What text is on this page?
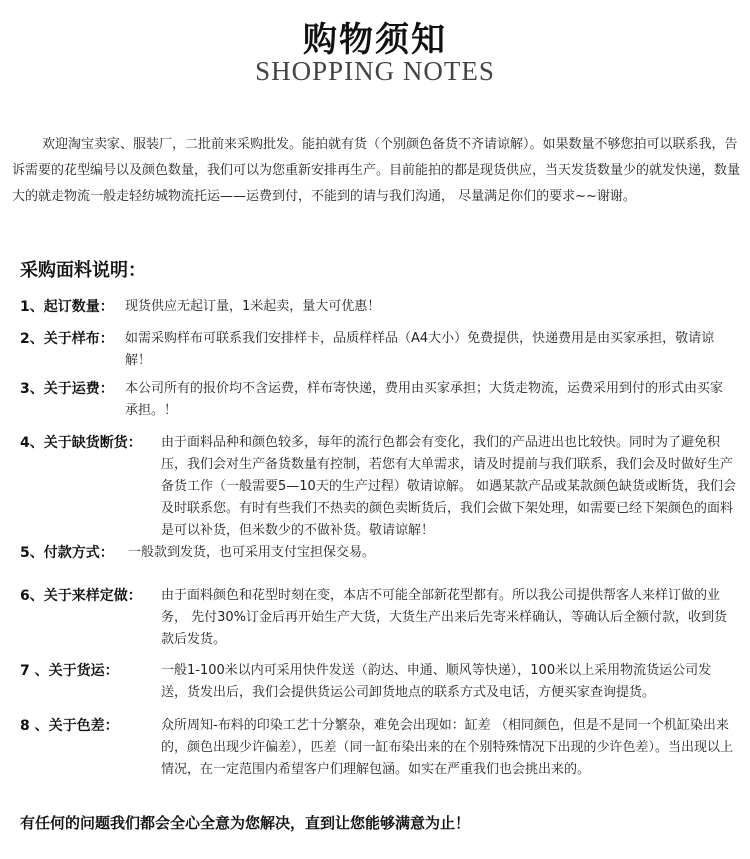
购物须知
SHOPPING NOTES
欢迎淘宝卖家、服装厂，二批前来采购批发。能拍就有货（个别颜色备货不齐请谅解）。如果数量不够您拍可以联系我，告诉需要的花型编号以及颜色数量，我们可以为您重新安排再生产。目前能拍的都是现货供应，当天发货数量少的就发快递，数量大的就走物流一般走轻纺城物流托运——运费到付，不能到的请与我们沟通， 尽量满足你们的要求~~谢谢。
采购面料说明：
1、起订数量： 现货供应无起订量，1米起卖，量大可优惠！
2、关于样布： 如需采购样布可联系我们安排样卡，品质样样品（A4大小）免费提供，快递费用是由买家承担，敬请谅解！
3、关于运费： 本公司所有的报价均不含运费，样布寄快递，费用由买家承担；大货走物流，运费采用到付的形式由买家承担。！
4、关于缺货断货： 由于面料品种和颜色较多，每年的流行色都会有变化，我们的产品进出也比较快。同时为了避免积压，我们会对生产备货数量有控制，若您有大单需求，请及时提前与我们联系，我们会及时做好生产备货工作（一般需要5—10天的生产过程）敬请谅解。 如遇某款产品或某款颜色缺货或断货，我们会及时联系您。有时有些我们不热卖的颜色卖断货后，我们会做下架处理，如需要已经下架颜色的面料是可以补货，但米数少的不做补货。敬请谅解！
5、付款方式： 一般款到发货，也可采用支付宝担保交易。
6、关于来样定做： 由于面料颜色和花型时刻在变，本店不可能全部新花型都有。所以我公司提供帮客人来样订做的业务， 先付30%订金后再开始生产大货，大货生产出来后先寄米样确认，等确认后全额付款，收到货款后发货。
7 、关于货运：	一般1-100米以内可采用快件发送（韵达、申通、顺风等快递），100米以上采用物流货运公司发送，货发出后，我们会提供货运公司卸货地点的联系方式及电话，方便买家查询提货。
8 、关于色差：	众所周知-布料的印染工艺十分繁杂，难免会出现如：缸差 （相同颜色，但是不是同一个机缸染出来的，颜色出现少许偏差），匹差（同一缸布染出来的在个别特殊情况下出现的少许色差）。当出现以上情况，在一定范围内希望客户们理解包涵。如实在严重我们也会挑出来的。
有任何的问题我们都会全心全意为您解决，直到让您能够满意为止！
